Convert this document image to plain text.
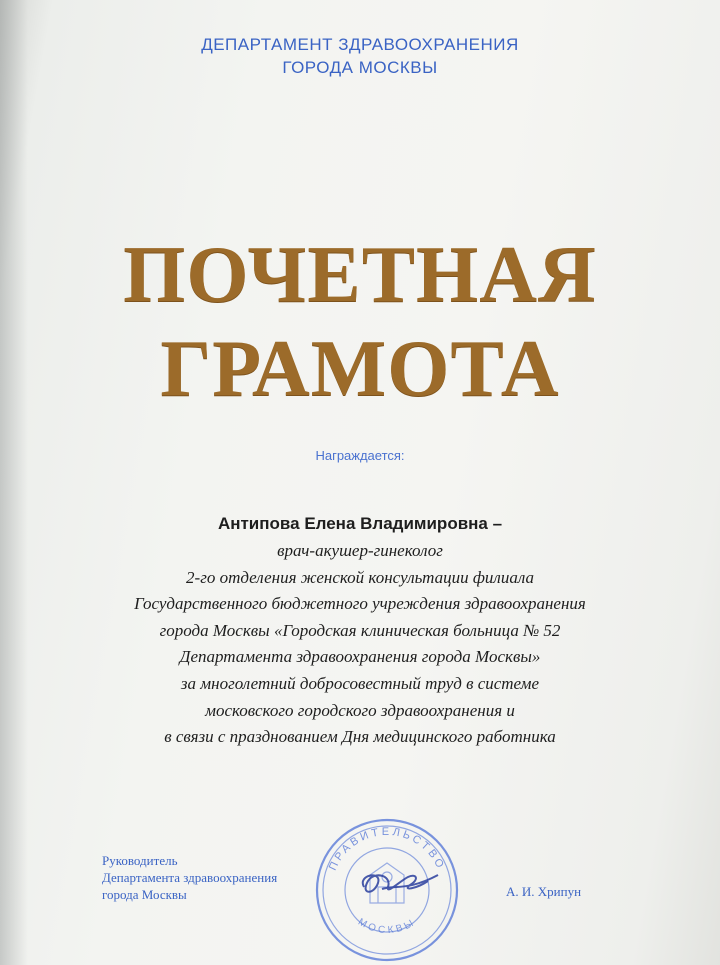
ДЕПАРТАМЕНТ ЗДРАВООХРАНЕНИЯ
ГОРОДА МОСКВЫ
ПОЧЕТНАЯ
ГРАМОТА
Награждается:
Антипова Елена Владимировна –
врач-акушер-гинеколог
2-го отделения женской консультации филиала
Государственного бюджетного учреждения здравоохранения
города Москвы «Городская клиническая больница № 52
Департамента здравоохранения города Москвы»
за многолетний добросовестный труд в системе
московского городского здравоохранения и
в связи с празднованием Дня медицинского работника
Руководитель
Департамента здравоохранения
города Москвы
ПРАВИТЕЛЬСТВО
МОСКВЫ
А. И. Хрипун
